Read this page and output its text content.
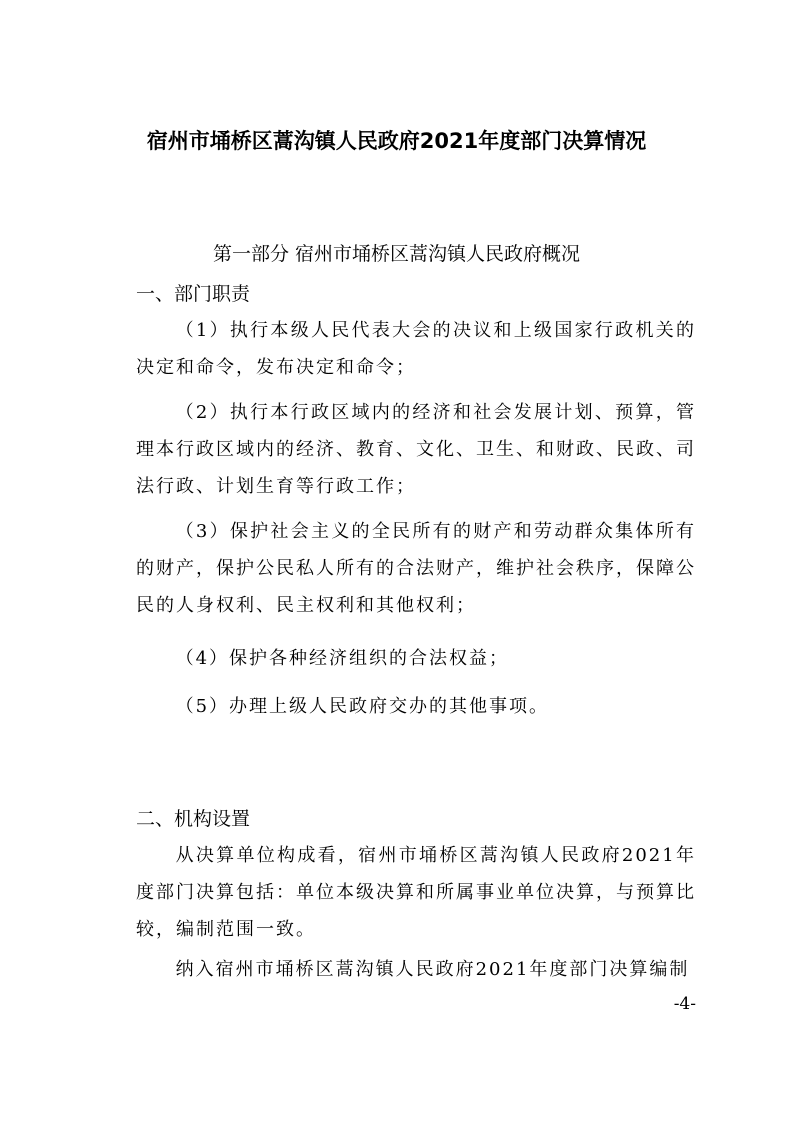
宿州市埇桥区蒿沟镇人民政府2021年度部门决算情况
第一部分 宿州市埇桥区蒿沟镇人民政府概况
一、部门职责
（1）执行本级人民代表大会的决议和上级国家行政机关的决定和命令，发布决定和命令；
（2）执行本行政区域内的经济和社会发展计划、预算，管理本行政区域内的经济、教育、文化、卫生、和财政、民政、司法行政、计划生育等行政工作；
（3）保护社会主义的全民所有的财产和劳动群众集体所有的财产，保护公民私人所有的合法财产，维护社会秩序，保障公民的人身权利、民主权利和其他权利；
（4）保护各种经济组织的合法权益；
（5）办理上级人民政府交办的其他事项。
二、机构设置
从决算单位构成看，宿州市埇桥区蒿沟镇人民政府2021年度部门决算包括：单位本级决算和所属事业单位决算，与预算比较，编制范围一致。
纳入宿州市埇桥区蒿沟镇人民政府2021年度部门决算编制
-4-
